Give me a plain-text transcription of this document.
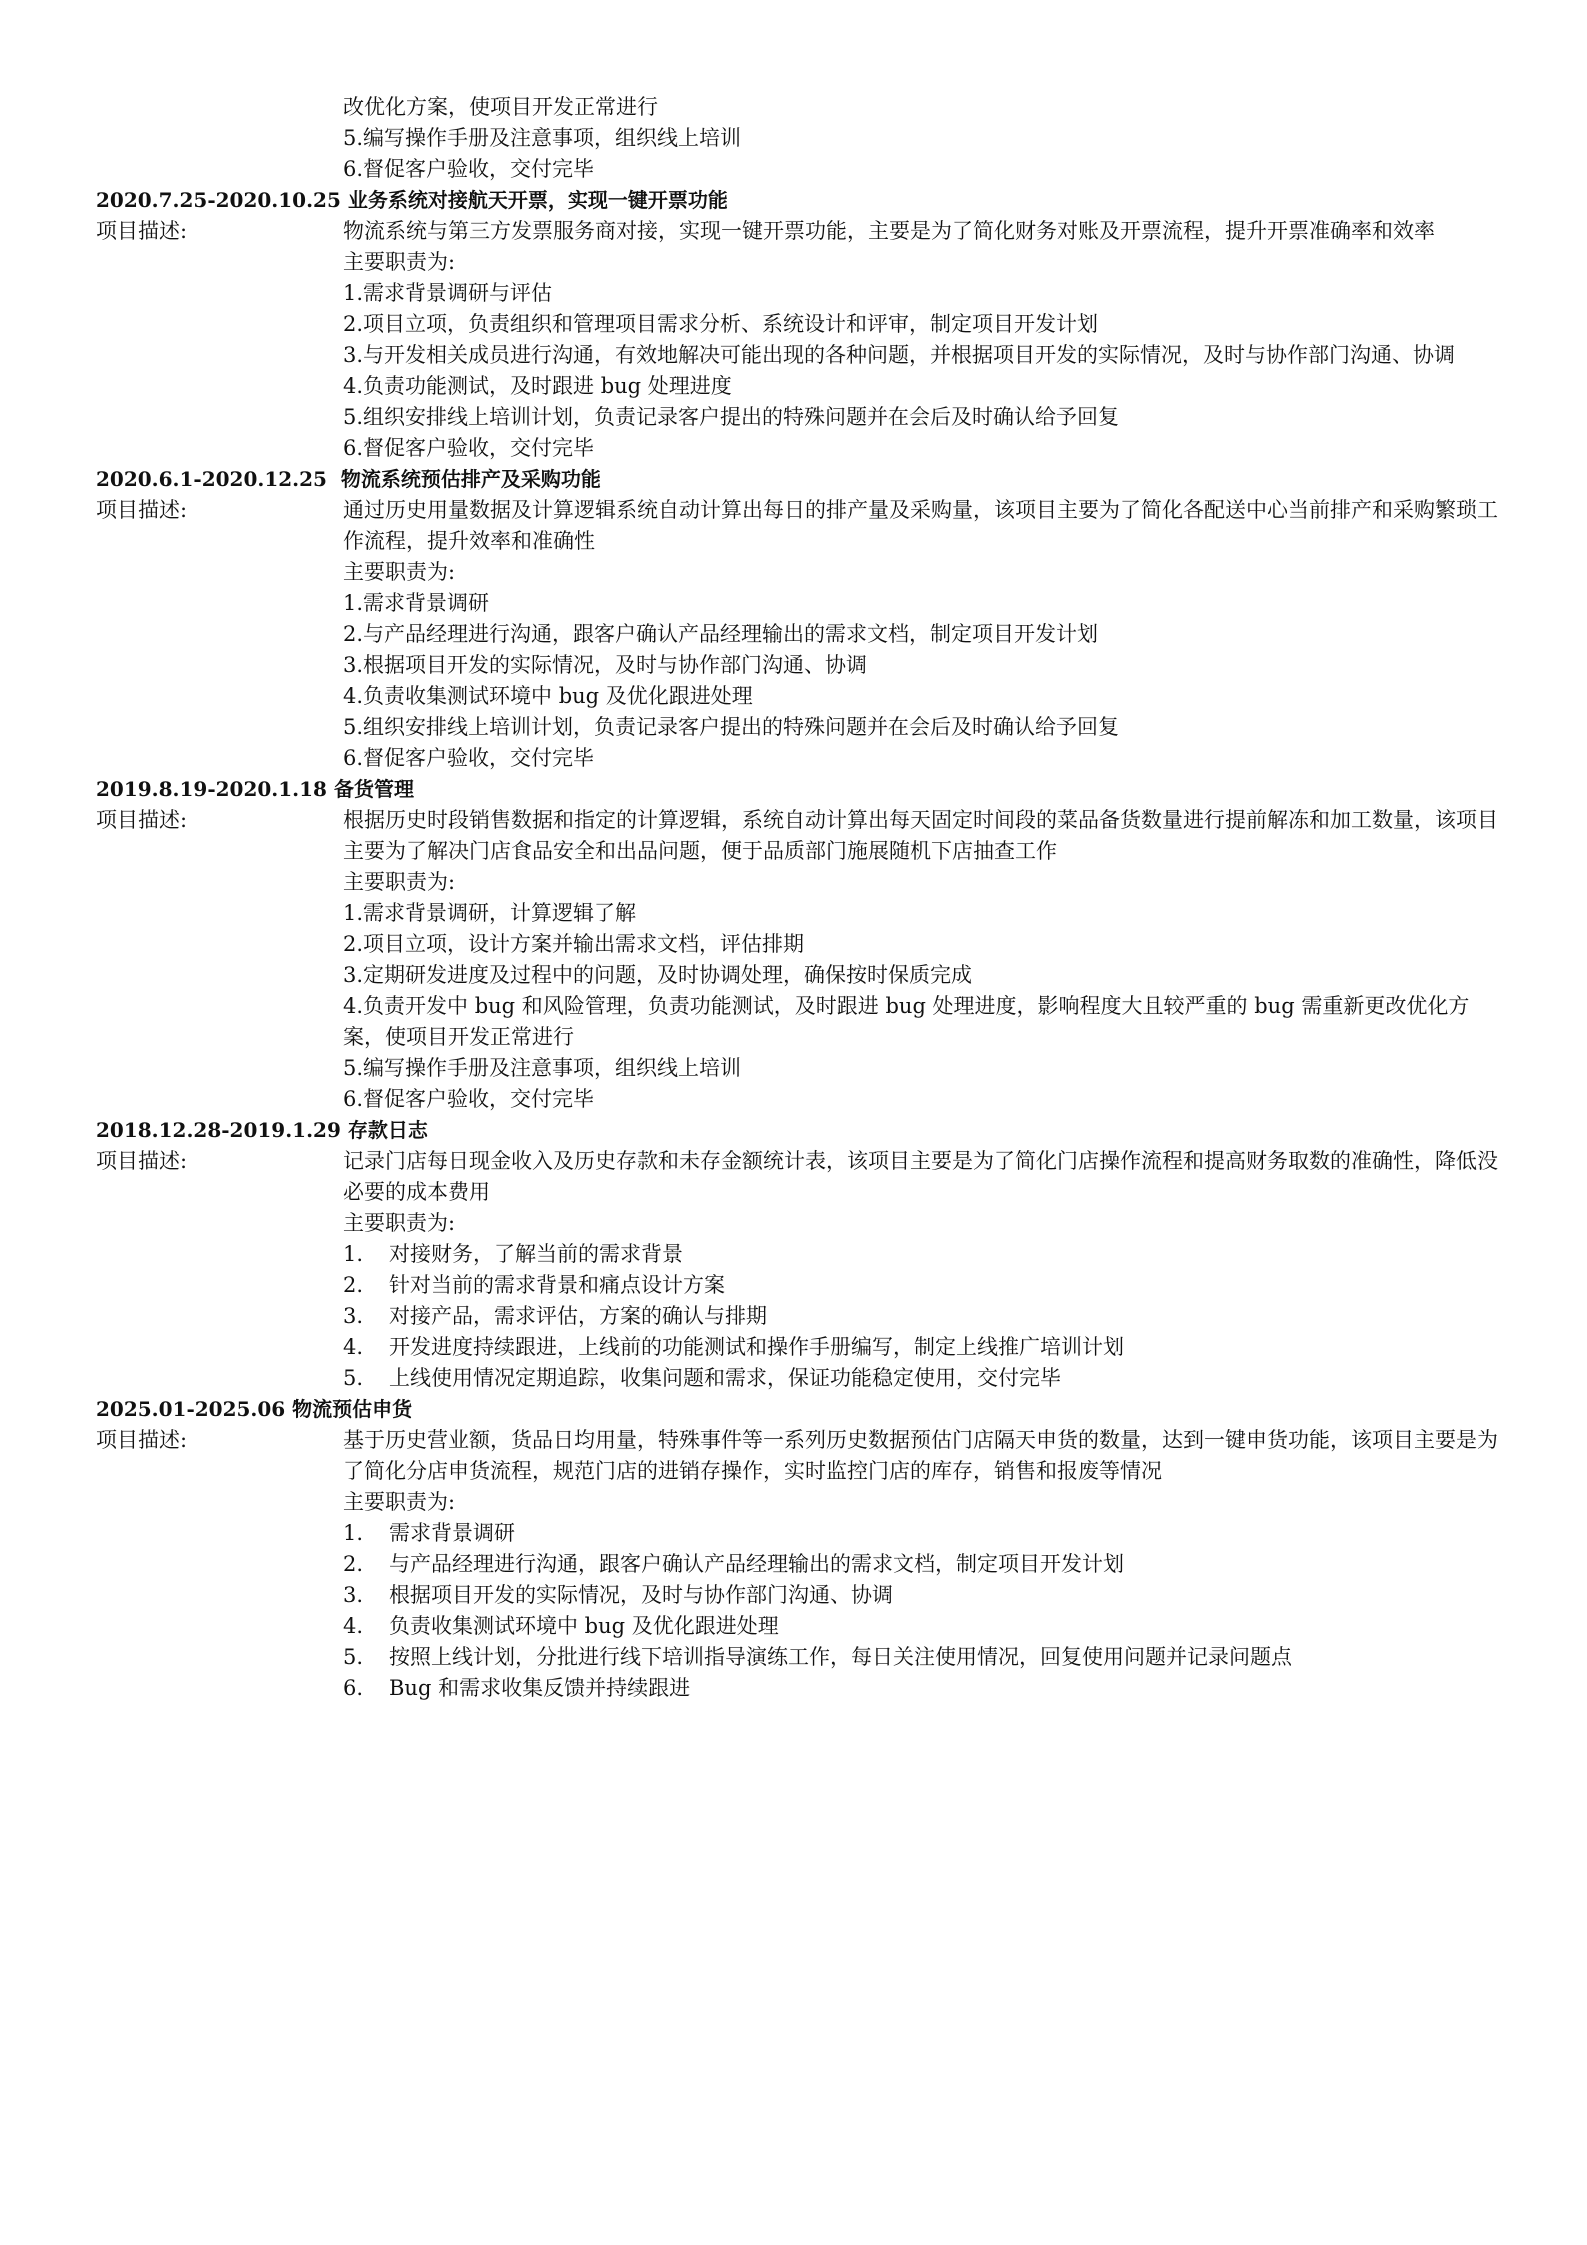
改优化方案，使项目开发正常进行
5.编写操作手册及注意事项，组织线上培训
6.督促客户验收，交付完毕
2020.7.25-2020.10.25 业务系统对接航天开票，实现一键开票功能
项目描述:	物流系统与第三方发票服务商对接，实现一键开票功能，主要是为了简化财务对账及开票流程，提升开票准确率和效率
主要职责为:
1.需求背景调研与评估
2.项目立项，负责组织和管理项目需求分析、系统设计和评审，制定项目开发计划
3.与开发相关成员进行沟通，有效地解决可能出现的各种问题，并根据项目开发的实际情况，及时与协作部门沟通、协调
4.负责功能测试，及时跟进 bug 处理进度
5.组织安排线上培训计划，负责记录客户提出的特殊问题并在会后及时确认给予回复
6.督促客户验收，交付完毕
2020.6.1-2020.12.25  物流系统预估排产及采购功能
项目描述:	通过历史用量数据及计算逻辑系统自动计算出每日的排产量及采购量，该项目主要为了简化各配送中心当前排产和采购繁琐工作流程，提升效率和准确性
主要职责为:
1.需求背景调研
2.与产品经理进行沟通，跟客户确认产品经理输出的需求文档，制定项目开发计划
3.根据项目开发的实际情况，及时与协作部门沟通、协调
4.负责收集测试环境中 bug 及优化跟进处理
5.组织安排线上培训计划，负责记录客户提出的特殊问题并在会后及时确认给予回复
6.督促客户验收，交付完毕
2019.8.19-2020.1.18 备货管理
项目描述:	根据历史时段销售数据和指定的计算逻辑，系统自动计算出每天固定时间段的菜品备货数量进行提前解冻和加工数量，该项目主要为了解决门店食品安全和出品问题，便于品质部门施展随机下店抽查工作
主要职责为:
1.需求背景调研，计算逻辑了解
2.项目立项，设计方案并输出需求文档，评估排期
3.定期研发进度及过程中的问题，及时协调处理，确保按时保质完成
4.负责开发中 bug 和风险管理，负责功能测试，及时跟进 bug 处理进度，影响程度大且较严重的 bug 需重新更改优化方案，使项目开发正常进行
5.编写操作手册及注意事项，组织线上培训
6.督促客户验收，交付完毕
2018.12.28-2019.1.29 存款日志
项目描述:	记录门店每日现金收入及历史存款和未存金额统计表，该项目主要是为了简化门店操作流程和提高财务取数的准确性，降低没必要的成本费用
主要职责为:
1. 对接财务，了解当前的需求背景
2. 针对当前的需求背景和痛点设计方案
3. 对接产品，需求评估，方案的确认与排期
4. 开发进度持续跟进，上线前的功能测试和操作手册编写，制定上线推广培训计划
5. 上线使用情况定期追踪，收集问题和需求，保证功能稳定使用，交付完毕
2025.01-2025.06 物流预估申货
项目描述:	基于历史营业额，货品日均用量，特殊事件等一系列历史数据预估门店隔天申货的数量，达到一键申货功能，该项目主要是为了简化分店申货流程，规范门店的进销存操作，实时监控门店的库存，销售和报废等情况
主要职责为:
1. 需求背景调研
2. 与产品经理进行沟通，跟客户确认产品经理输出的需求文档，制定项目开发计划
3. 根据项目开发的实际情况，及时与协作部门沟通、协调
4. 负责收集测试环境中 bug 及优化跟进处理
5. 按照上线计划，分批进行线下培训指导演练工作，每日关注使用情况，回复使用问题并记录问题点
6. Bug 和需求收集反馈并持续跟进
